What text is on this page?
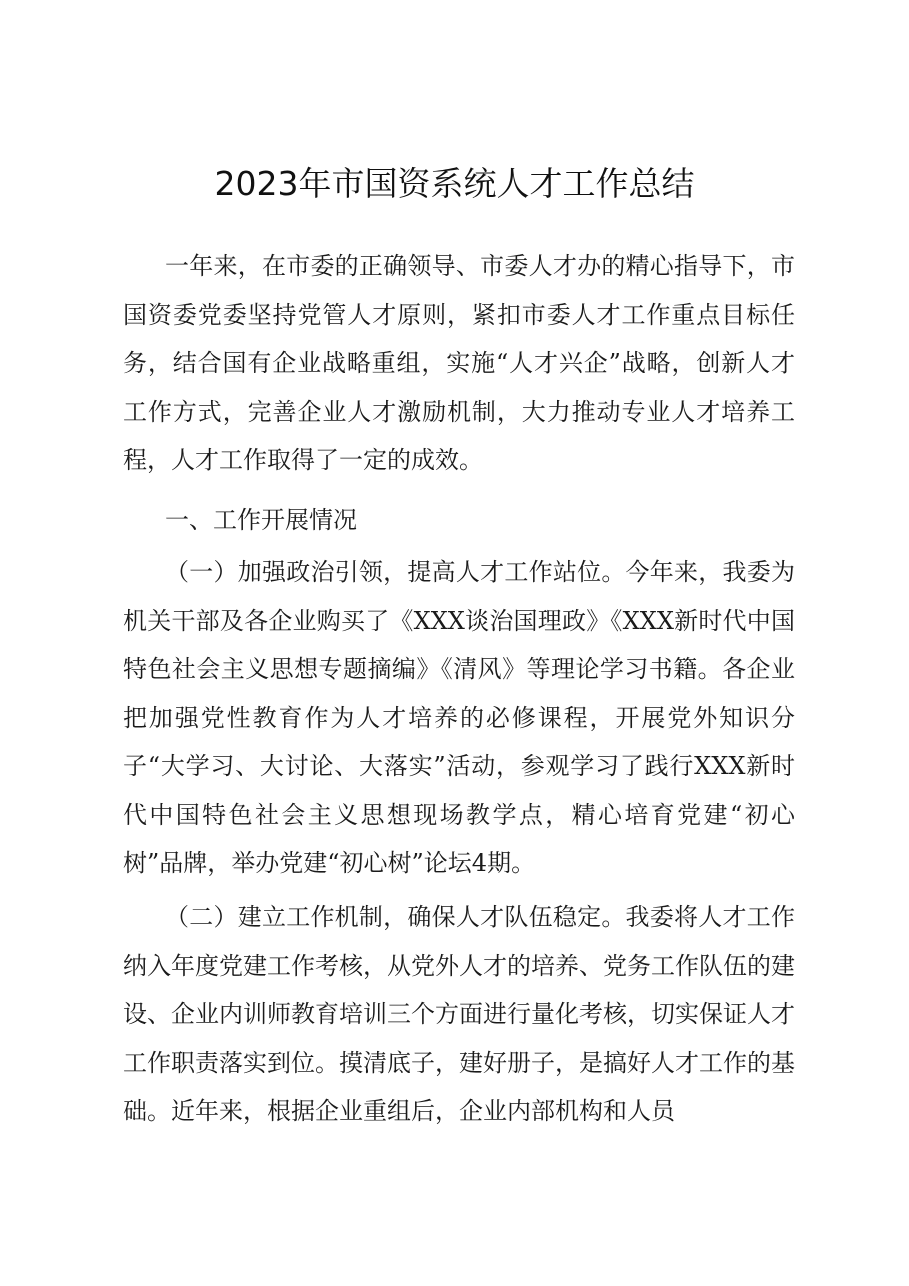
2023年市国资系统人才工作总结

一年来，在市委的正确领导、市委人才办的精心指导下，市国资委党委坚持党管人才原则，紧扣市委人才工作重点目标任务，结合国有企业战略重组，实施“人才兴企”战略，创新人才工作方式，完善企业人才激励机制，大力推动专业人才培养工程，人才工作取得了一定的成效。

一、工作开展情况

（一）加强政治引领，提高人才工作站位。今年来，我委为机关干部及各企业购买了《XXX谈治国理政》《XXX新时代中国特色社会主义思想专题摘编》《清风》等理论学习书籍。各企业把加强党性教育作为人才培养的必修课程，开展党外知识分子“大学习、大讨论、大落实”活动，参观学习了践行XXX新时代中国特色社会主义思想现场教学点，精心培育党建“初心树”品牌，举办党建“初心树”论坛4期。

（二）建立工作机制，确保人才队伍稳定。我委将人才工作纳入年度党建工作考核，从党外人才的培养、党务工作队伍的建设、企业内训师教育培训三个方面进行量化考核，切实保证人才工作职责落实到位。摸清底子，建好册子，是搞好人才工作的基础。近年来，根据企业重组后，企业内部机构和人员
